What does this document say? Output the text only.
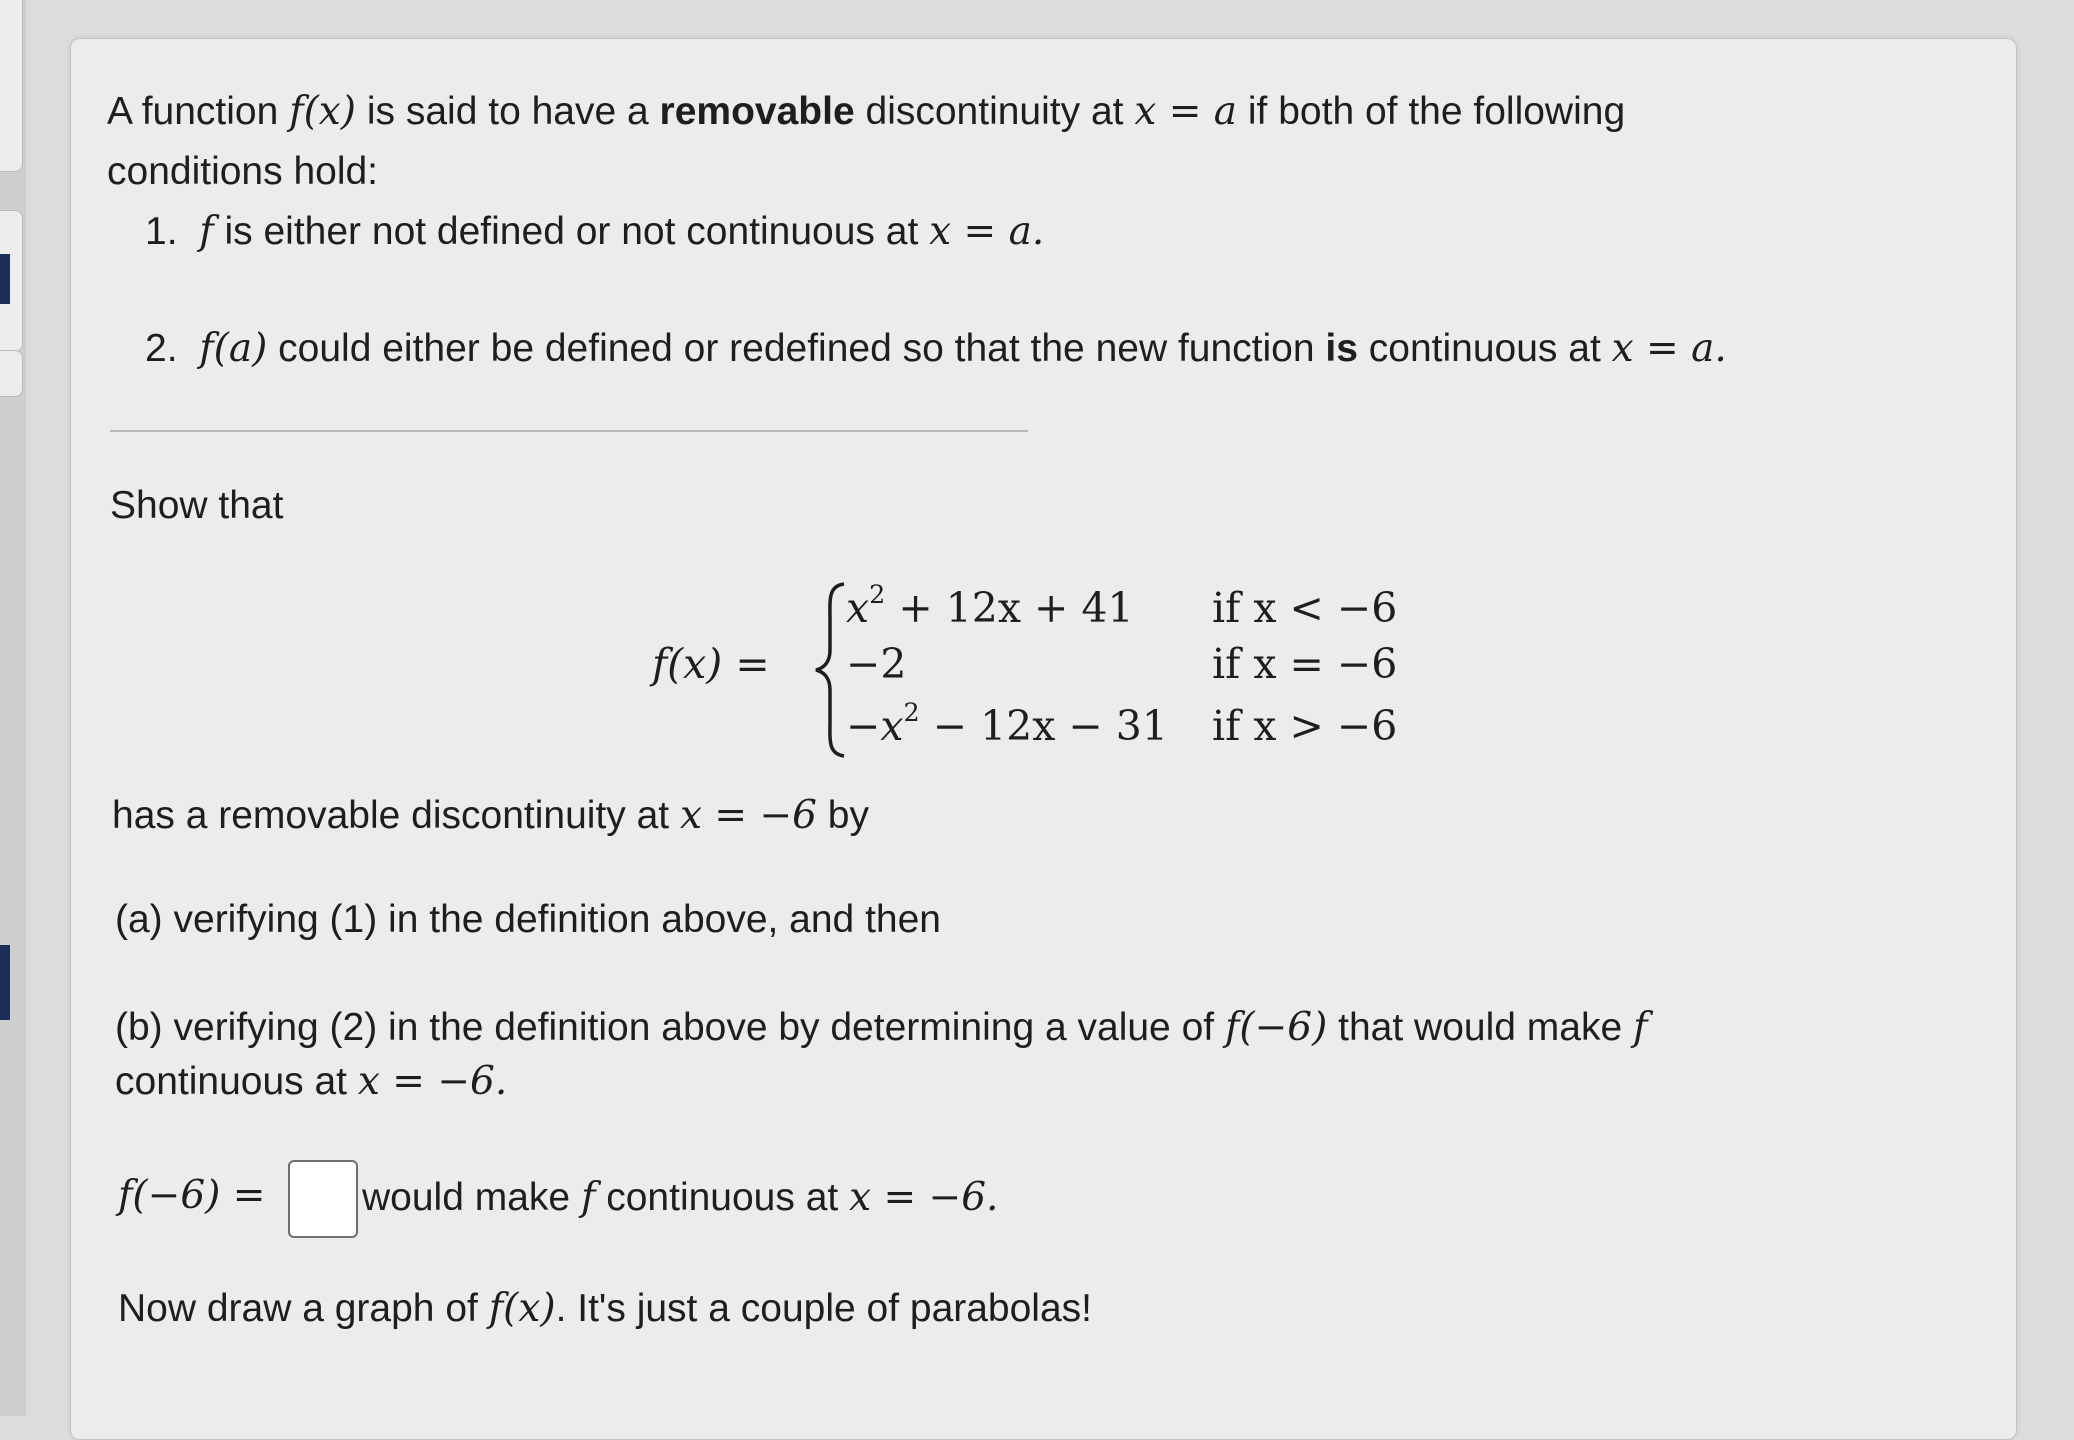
A function f(x) is said to have a removable discontinuity at x = a if both of the following
conditions hold:
1. f is either not defined or not continuous at x = a.
2. f(a) could either be defined or redefined so that the new function is continuous at x = a.
Show that
f(x) =
$x^2 + 12x + 41$ if x < −6
−2	if x = −6
$-x^2 - 12x - 31$ if x > −6
has a removable discontinuity at x = −6 by
(a) verifying (1) in the definition above, and then
(b) verifying (2) in the definition above by determining a value of f(−6) that would make f
continuous at x = −6.
f(−6) = would make f continuous at x = −6.
Now draw a graph of f(x). It's just a couple of parabolas!
